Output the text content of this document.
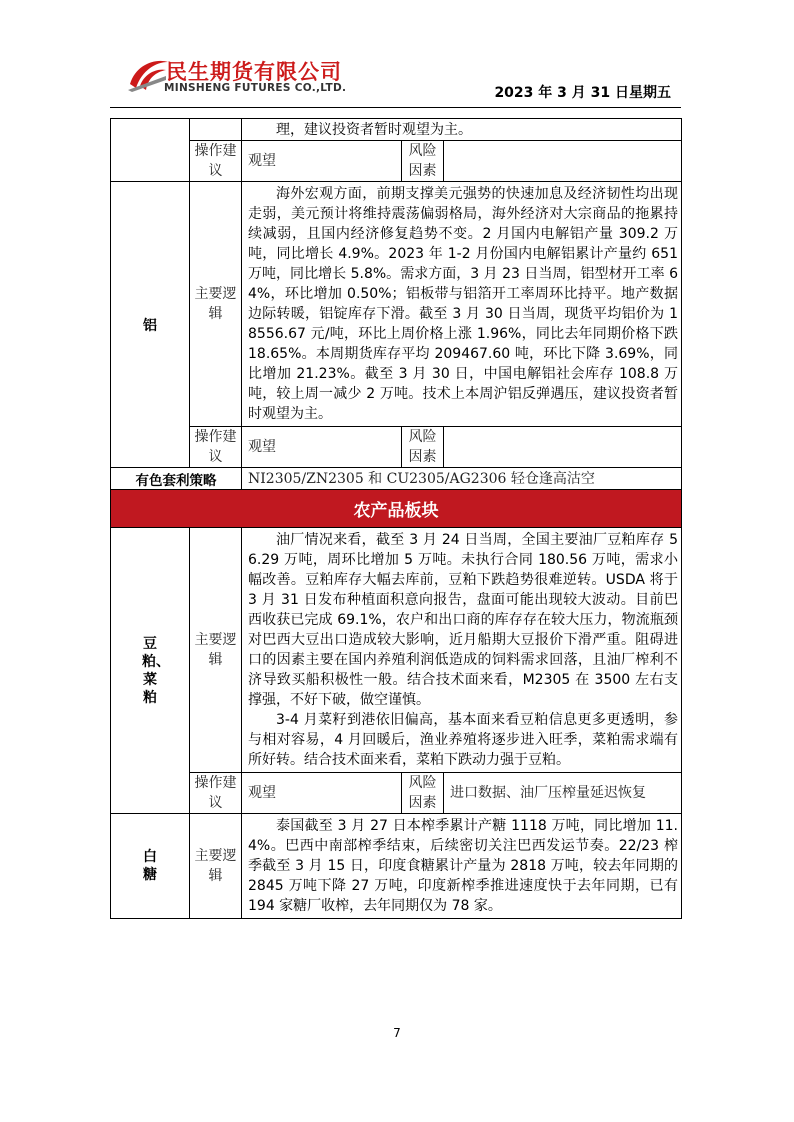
民生期货有限公司
MINSHENG FUTURES CO.,LTD.	2023 年 3 月 31 日星期五

		理，建议投资者暂时观望为主。		

	操作建议	观望	风险因素	
铝	主要逻辑	海外宏观方面，前期支撑美元强势的快速加息及经济韧性均出现走弱，美元预计将维持震荡偏弱格局，海外经济对大宗商品的拖累持续减弱，且国内经济修复趋势不变。2 月国内电解铝产量 309.2 万吨，同比增长 4.9%。2023 年 1-2 月份国内电解铝累计产量约 651 万吨，同比增长 5.8%。需求方面，3 月 23 日当周，铝型材开工率 64%，环比增加 0.50%；铝板带与铝箔开工率周环比持平。地产数据边际转暖，铝锭库存下滑。截至 3 月 30 日当周，现货平均铝价为 18556.67 元/吨，环比上周价格上涨 1.96%，同比去年同期价格下跌 18.65%。本周期货库存平均 209467.60 吨，环比下降 3.69%，同比增加 21.23%。截至 3 月 30 日，中国电解铝社会库存 108.8 万吨，较上周一减少 2 万吨。技术上本周沪铝反弹遇压，建议投资者暂时观望为主。		

	操作建议	观望	风险因素	
有色套利策略		NI2305/ZN2305 和 CU2305/AG2306 轻仓逢高沽空		
农产品板块				
豆粕、菜粕	主要逻辑	油厂情况来看，截至 3 月 24 日当周，全国主要油厂豆粕库存 56.29 万吨，周环比增加 5 万吨。未执行合同 180.56 万吨，需求小幅改善。豆粕库存大幅去库前，豆粕下跌趋势很难逆转。USDA 将于 3 月 31 日发布种植面积意向报告，盘面可能出现较大波动。目前巴西收获已完成 69.1%，农户和出口商的库存存在较大压力，物流瓶颈对巴西大豆出口造成较大影响，近月船期大豆报价下滑严重。阻碍进口的因素主要在国内养殖利润低造成的饲料需求回落，且油厂榨利不济导致买船积极性一般。结合技术面来看，M2305 在 3500 左右支撑强，不好下破，做空谨慎。

3-4 月菜籽到港依旧偏高，基本面来看豆粕信息更多更透明，参与相对容易，4 月回暖后，渔业养殖将逐步进入旺季，菜粕需求端有所好转。结合技术面来看，菜粕下跌动力强于豆粕。		

	操作建议	观望	风险因素	进口数据、油厂压榨量延迟恢复
白糖	主要逻辑	泰国截至 3 月 27 日本榨季累计产糖 1118 万吨，同比增加 11.4%。巴西中南部榨季结束，后续密切关注巴西发运节奏。22/23 榨季截至 3 月 15 日，印度食糖累计产量为 2818 万吨，较去年同期的 2845 万吨下降 27 万吨，印度新榨季推进速度快于去年同期，已有 194 家糖厂收榨，去年同期仅为 78 家。		

7
